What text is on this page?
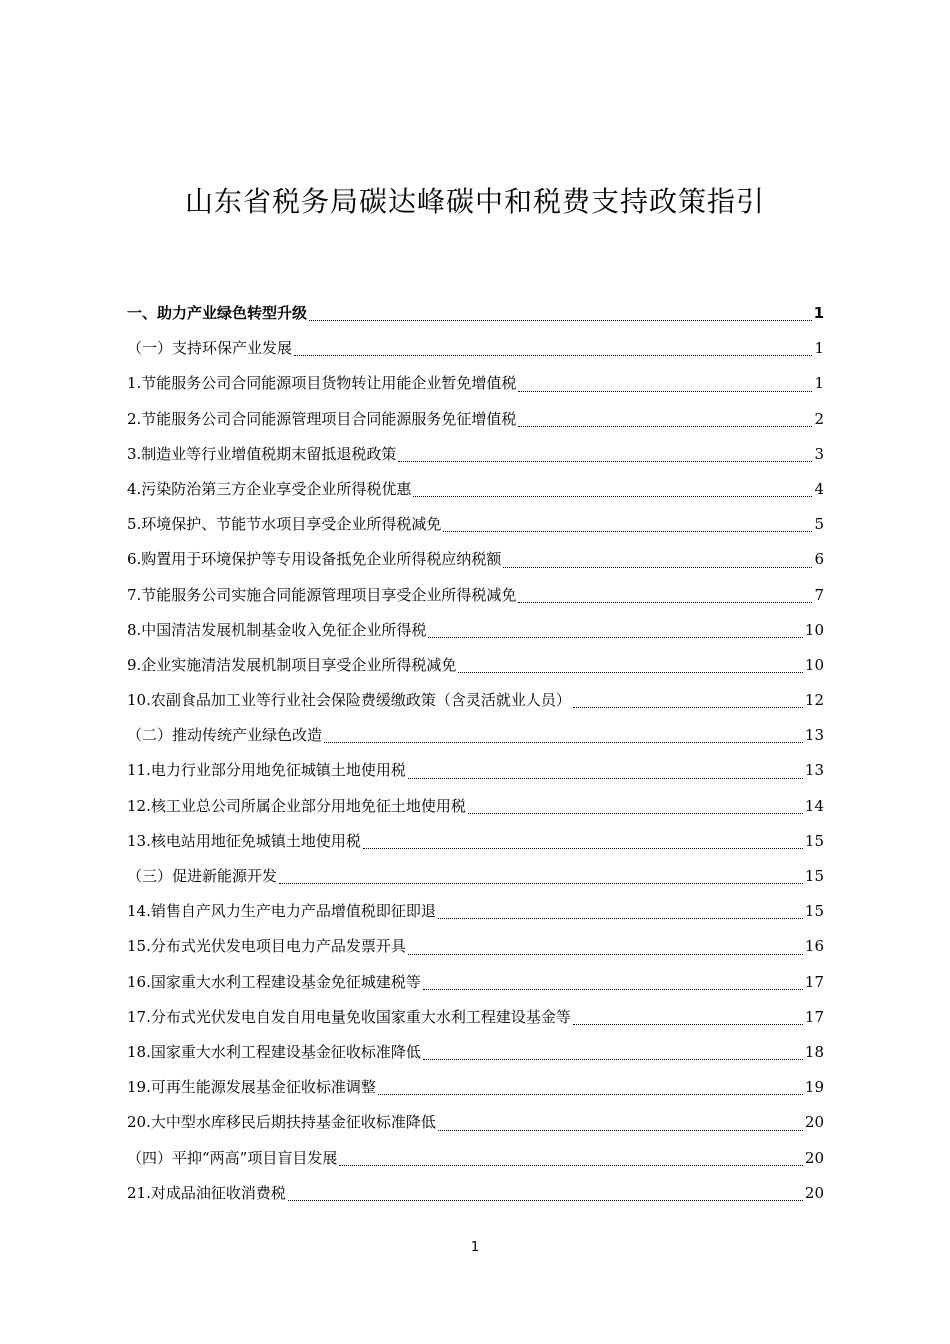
山东省税务局碳达峰碳中和税费支持政策指引
一、助力产业绿色转型升级	1
（一）支持环保产业发展	1
1.节能服务公司合同能源项目货物转让用能企业暂免增值税	1
2.节能服务公司合同能源管理项目合同能源服务免征增值税	2
3.制造业等行业增值税期末留抵退税政策	3
4.污染防治第三方企业享受企业所得税优惠	4
5.环境保护、节能节水项目享受企业所得税减免	5
6.购置用于环境保护等专用设备抵免企业所得税应纳税额	6
7.节能服务公司实施合同能源管理项目享受企业所得税减免	7
8.中国清洁发展机制基金收入免征企业所得税	10
9.企业实施清洁发展机制项目享受企业所得税减免	10
10.农副食品加工业等行业社会保险费缓缴政策（含灵活就业人员）	12
（二）推动传统产业绿色改造	13
11.电力行业部分用地免征城镇土地使用税	13
12.核工业总公司所属企业部分用地免征土地使用税	14
13.核电站用地征免城镇土地使用税	15
（三）促进新能源开发	15
14.销售自产风力生产电力产品增值税即征即退	15
15.分布式光伏发电项目电力产品发票开具	16
16.国家重大水利工程建设基金免征城建税等	17
17.分布式光伏发电自发自用电量免收国家重大水利工程建设基金等	17
18.国家重大水利工程建设基金征收标准降低	18
19.可再生能源发展基金征收标准调整	19
20.大中型水库移民后期扶持基金征收标准降低	20
（四）平抑“两高”项目盲目发展	20
21.对成品油征收消费税	20
1
